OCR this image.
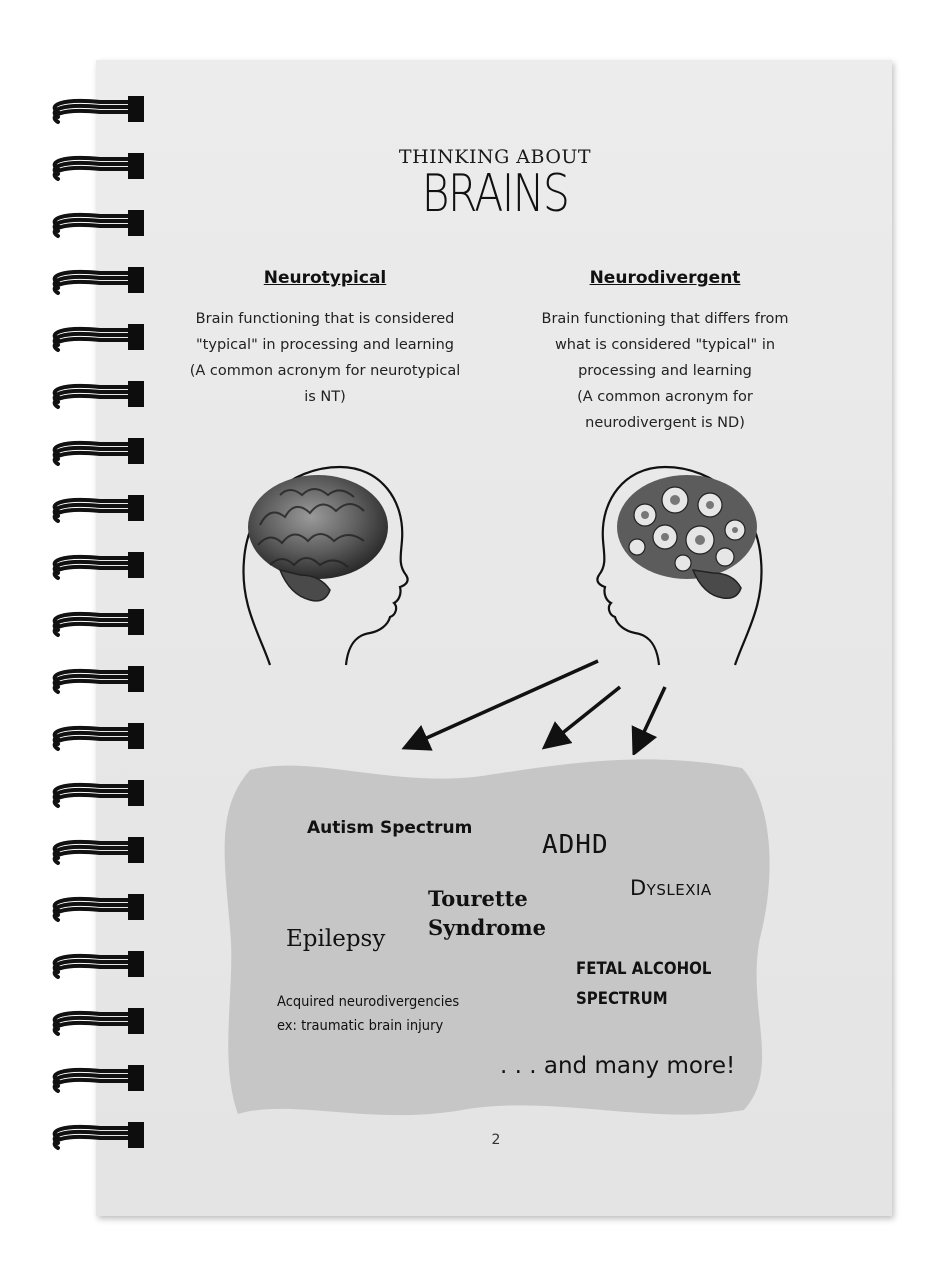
THINKING ABOUT

BRAINS

Neurotypical	Neurodivergent

Brain functioning that is considered
"typical" in processing and learning
(A common acronym for neurotypical
is NT)
Brain functioning that differs from
what is considered "typical" in
processing and learning
(A common acronym for
neurodivergent is ND)

Autism Spectrum

ADHD

Dyslexia

Tourette
Syndrome

Epilepsy

FETAL ALCOHOL
SPECTRUM
Acquired neurodivergencies
ex: traumatic brain injury

. . . and many more!

2
